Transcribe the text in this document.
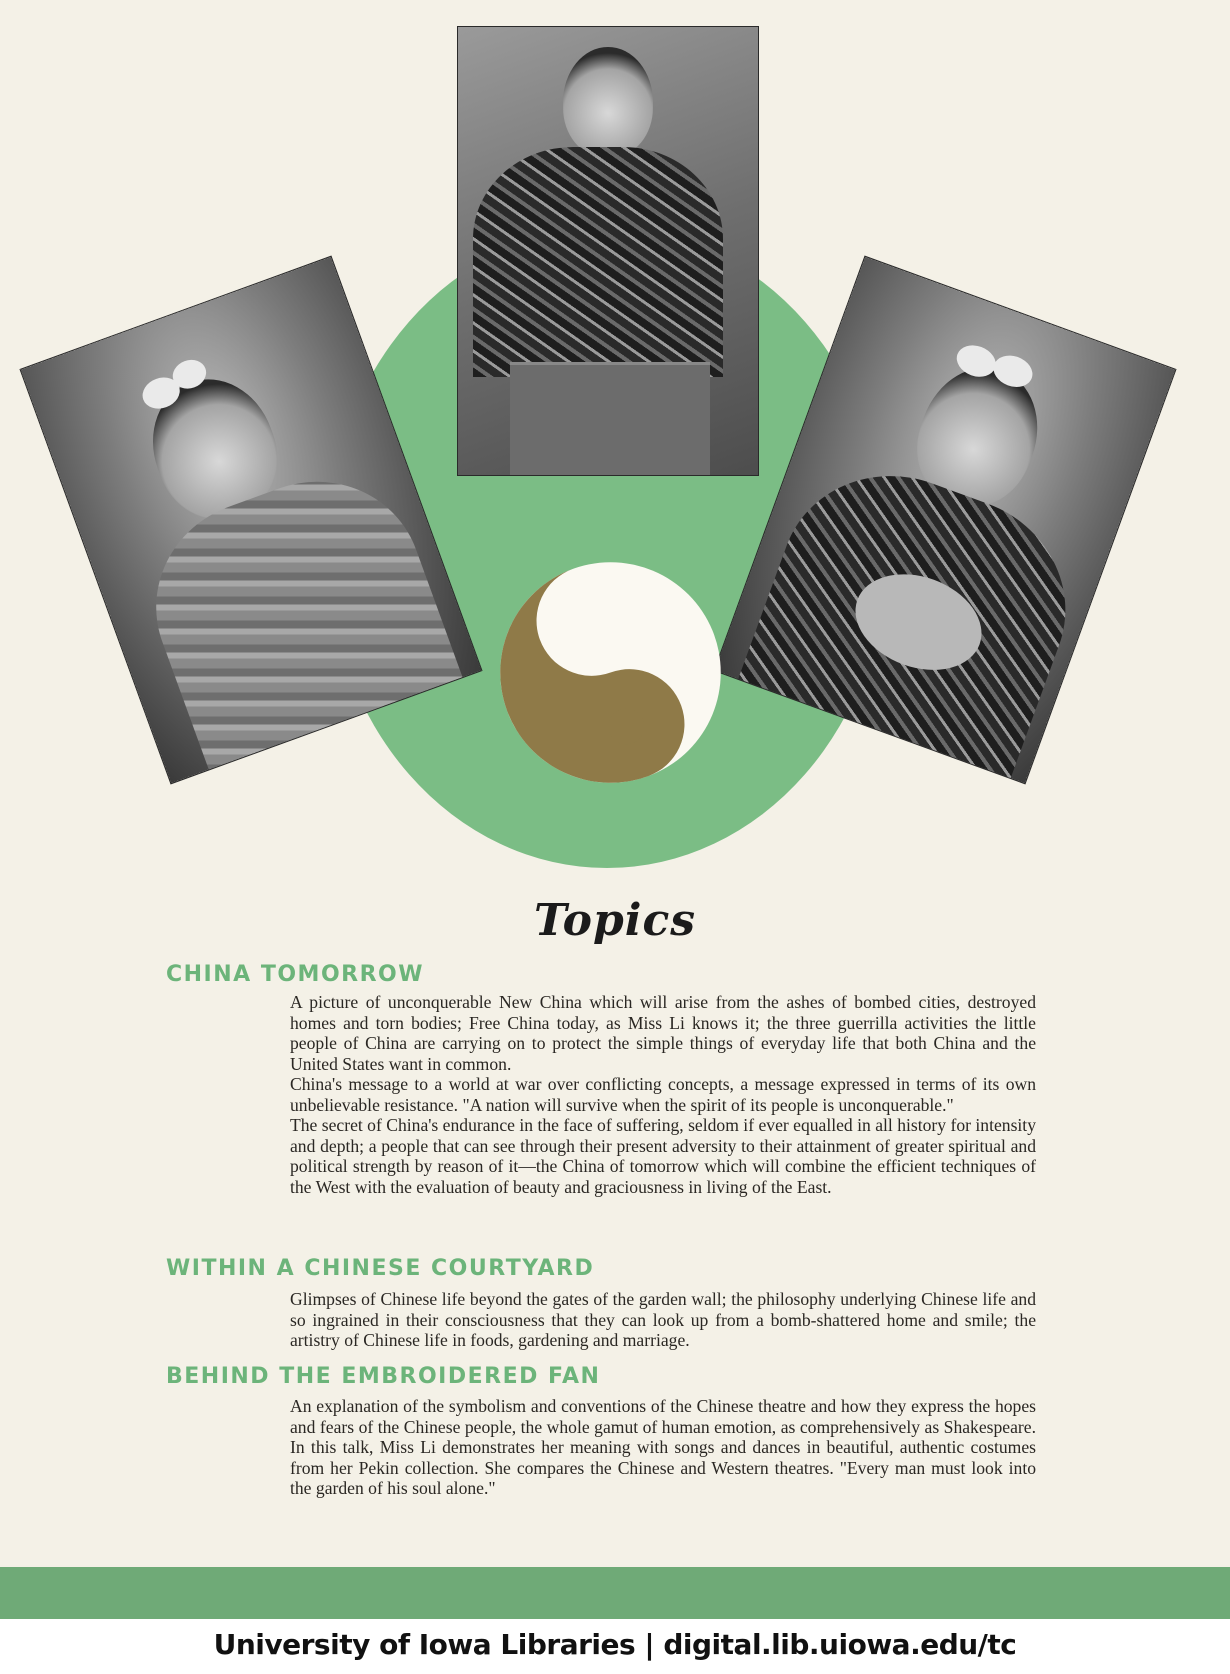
Topics
CHINA TOMORROW

A picture of unconquerable New China which will arise from the ashes of bombed cities, destroyed homes and torn bodies; Free China today, as Miss Li knows it; the three guerrilla activities the little people of China are carrying on to protect the simple things of everyday life that both China and the United States want in common.

China's message to a world at war over conflicting concepts, a message expressed in terms of its own unbelievable resistance. "A nation will survive when the spirit of its people is unconquerable."

The secret of China's endurance in the face of suffering, seldom if ever equalled in all history for intensity and depth; a people that can see through their present adversity to their attainment of greater spiritual and political strength by reason of it—the China of tomorrow which will combine the efficient techniques of the West with the evaluation of beauty and graciousness in living of the East.

WITHIN A CHINESE COURTYARD

Glimpses of Chinese life beyond the gates of the garden wall; the philosophy underlying Chinese life and so ingrained in their consciousness that they can look up from a bomb-shattered home and smile; the artistry of Chinese life in foods, gardening and marriage.

BEHIND THE EMBROIDERED FAN

An explanation of the symbolism and conventions of the Chinese theatre and how they express the hopes and fears of the Chinese people, the whole gamut of human emotion, as comprehensively as Shakespeare. In this talk, Miss Li demonstrates her meaning with songs and dances in beautiful, authentic costumes from her Pekin collection. She compares the Chinese and Western theatres. "Every man must look into the garden of his soul alone."

University of Iowa Libraries | digital.lib.uiowa.edu/tc
